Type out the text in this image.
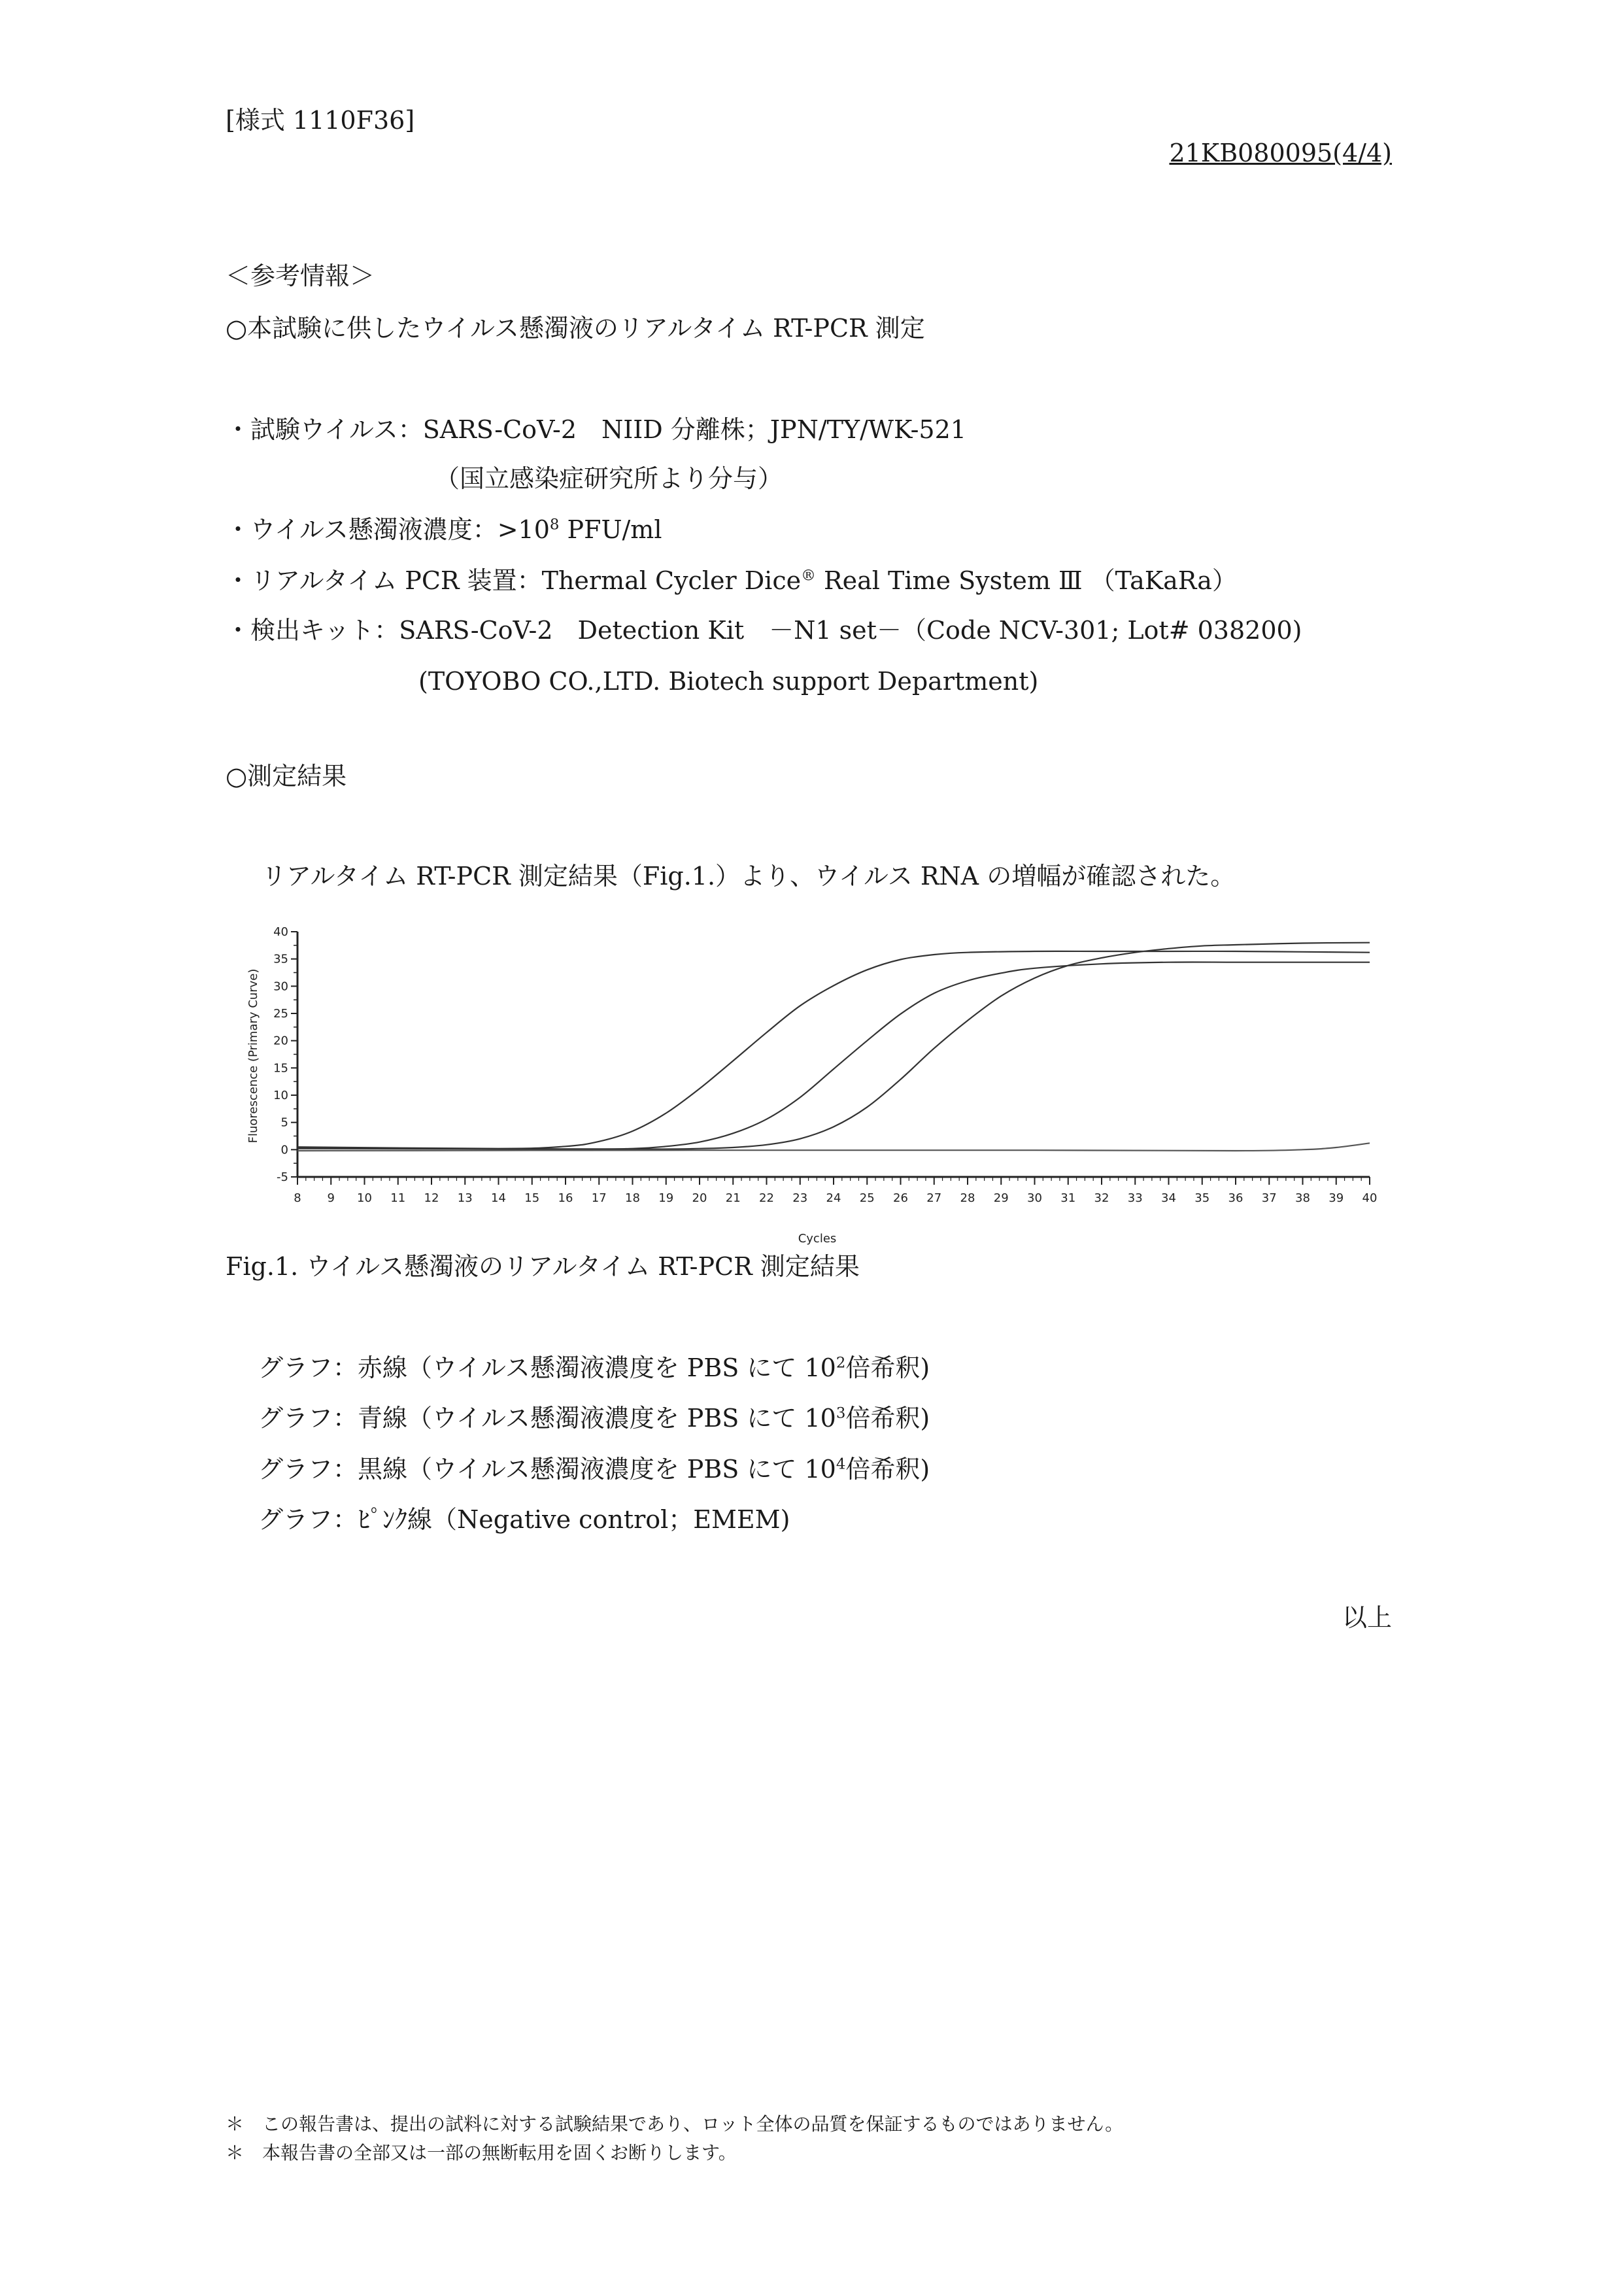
[様式 1110F36]
21KB080095(4/4)
＜参考情報＞
○本試験に供したウイルス懸濁液のリアルタイム RT-PCR 測定
・試験ウイルス：SARS-CoV-2　NIID 分離株；JPN/TY/WK-521
（国立感染症研究所より分与）
・ウイルス懸濁液濃度：$>10^8$ PFU/ml
・リアルタイム PCR 装置：Thermal Cycler Dice® Real Time System Ⅲ （TaKaRa）
・検出キット：SARS-CoV-2　Detection Kit　－N1 set－（Code NCV-301; Lot# 038200)
(TOYOBO CO.,LTD. Biotech support Department)
○測定結果
リアルタイム RT-PCR 測定結果（Fig.1.）より、ウイルス RNA の増幅が確認された。
-5
0
5
10
15
20
25
30
35
40
8 9 10 11 12 13 14 15 16 17 18 19 20 21 22 23 24 25 26 27 28 29 30 31 32 33 34 35 36 37 38 39 40
Cycles
Fluorescence (Primary Curve)
Fig.1. ウイルス懸濁液のリアルタイム RT-PCR 測定結果
グラフ：赤線（ウイルス懸濁液濃度を PBS にて $10^2$倍希釈)
グラフ：青線（ウイルス懸濁液濃度を PBS にて $10^3$倍希釈)
グラフ：黒線（ウイルス懸濁液濃度を PBS にて $10^4$倍希釈)
グラフ：ﾋﾟﾝｸ線（Negative control；EMEM)
以上
＊　この報告書は、提出の試料に対する試験結果であり、ロット全体の品質を保証するものではありません。
＊　本報告書の全部又は一部の無断転用を固くお断りします。
